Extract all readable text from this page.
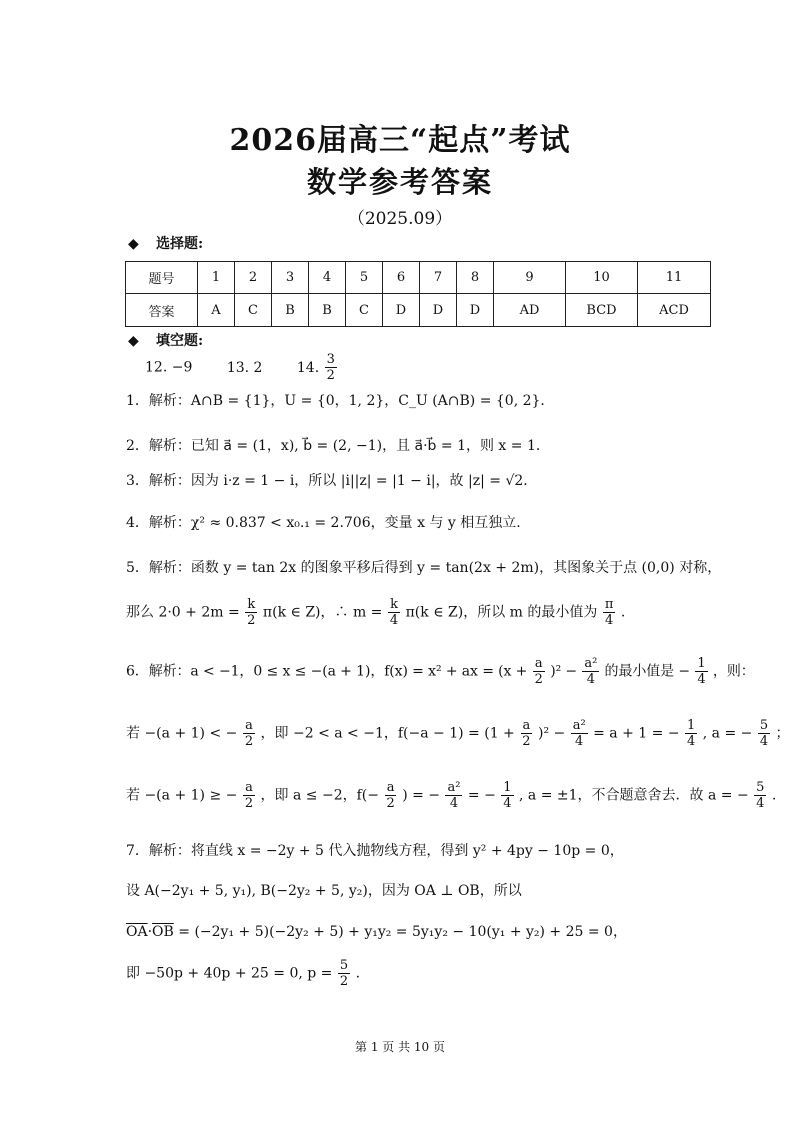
2026届高三“起点”考试
数学参考答案
（2025.09）
◆ 选择题:
题号	1	2	3	4	5	6	7	8	9	10	11
答案	A	C	B	B	C	D	D	D	AD	BCD	ACD
◆ 填空题:
12. −9 13. 2 14. $\frac{3}{2}$
1．解析：A∩B = {1}，U = {0，1, 2}，C_U (A∩B) = {0, 2}．
2．解析：已知 a⃗ = (1，x), b⃗ = (2, −1)，且 a⃗·b⃗ = 1，则 x = 1．
3．解析：因为 i·z = 1 − i，所以 |i||z| = |1 − i|，故 |z| = √2．
4．解析：χ² ≈ 0.837 < x₀.₁ = 2.706，变量 x 与 y 相互独立.
5．解析：函数 y = tan 2x 的图象平移后得到 y = tan(2x + 2m)，其图象关于点 (0,0) 对称，
那么 $2\cdot 0 + 2m = \frac{k}{2} \pi(k$ ∈ Z)，∴ $m = \frac{k}{4} \pi(k$ ∈ Z)，所以 m 的最小值为 $\frac{\pi}{4}$ .
6．解析：a < −1，0 ≤ x ≤ −(a + 1)，f(x) = x² + ax = $(x + \frac{a}{2} )^2 - \frac{\text{a²}}{4}$ 的最小值是 − $\frac{1}{4}$ ，则：
若 −(a + 1) < − $\frac{a}{2}$ ，即 −2 < a < −1，$f(-a - 1) = (1 + \frac{a}{2} )^2 - \frac{\text{a²}}{4} = a + 1$ = − $\frac{1}{4}$ , a = − $\frac{5}{4}$ ；
若 −(a + 1) ≥ − $\frac{a}{2}$ ，即 a ≤ −2，$f(- \frac{a}{2}$ ) = − $\frac{\text{a²}}{4}$ = − $\frac{1}{4}$ , a = ±1，不合题意舍去．故 a = − $\frac{5}{4}$ .
7．解析：将直线 x = −2y + 5 代入抛物线方程，得到 y² + 4py − 10p = 0，
设 A(−2y₁ + 5, y₁), B(−2y₂ + 5, y₂)，因为 OA ⊥ OB，所以
$\overline{OA}\cdot\overline{OB} = (-2y_1 + 5)(-2y_2 + 5) + y_1y_2 = 5y_1y_2 - 10(y_1 + y_2) + 25 = 0$，
即 −50p + 40p + 25 = 0, $p = \frac{5}{2}$ .
第 1 页 共 10 页
